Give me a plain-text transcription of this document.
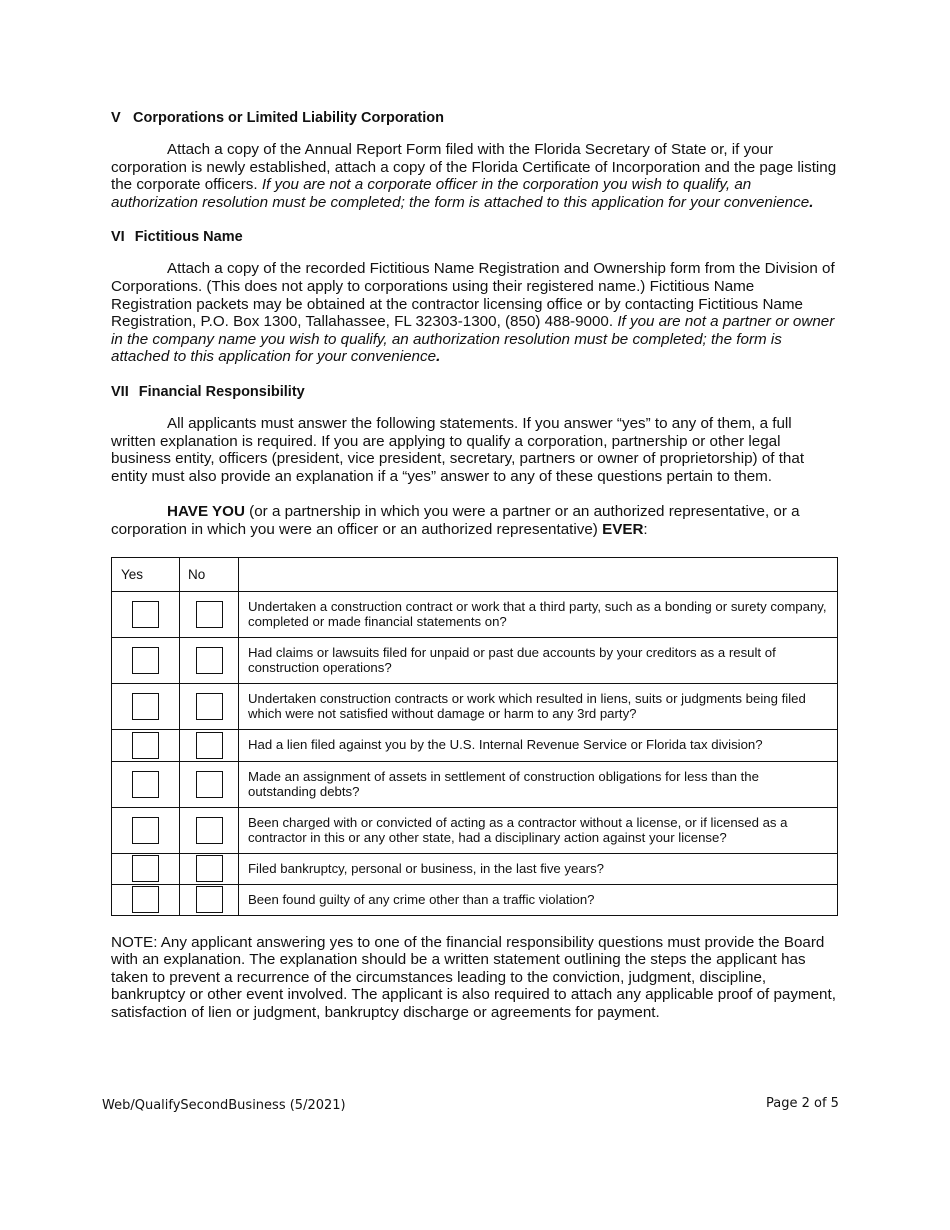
V Corporations or Limited Liability Corporation

Attach a copy of the Annual Report Form filed with the Florida Secretary of State or, if your corporation is newly established, attach a copy of the Florida Certificate of Incorporation and the page listing the corporate officers. If you are not a corporate officer in the corporation you wish to qualify, an authorization resolution must be completed; the form is attached to this application for your convenience.

VI Fictitious Name

Attach a copy of the recorded Fictitious Name Registration and Ownership form from the Division of Corporations. (This does not apply to corporations using their registered name.) Fictitious Name Registration packets may be obtained at the contractor licensing office or by contacting Fictitious Name Registration, P.O. Box 1300, Tallahassee, FL 32303-1300, (850) 488-9000. If you are not a partner or owner in the company name you wish to qualify, an authorization resolution must be completed; the form is attached to this application for your convenience.

VII Financial Responsibility

All applicants must answer the following statements. If you answer “yes” to any of them, a full written explanation is required. If you are applying to qualify a corporation, partnership or other legal business entity, officers (president, vice president, secretary, partners or owner of proprietorship) of that entity must also provide an explanation if a “yes” answer to any of these questions pertain to them.

HAVE YOU (or a partnership in which you were a partner or an authorized representative, or a corporation in which you were an officer or an authorized representative) EVER:

Yes	No	
		Undertaken a construction contract or work that a third party, such as a bonding or surety company, completed or made financial statements on?
		Had claims or lawsuits filed for unpaid or past due accounts by your creditors as a result of construction operations?
		Undertaken construction contracts or work which resulted in liens, suits or judgments being filed which were not satisfied without damage or harm to any 3rd party?
		Had a lien filed against you by the U.S. Internal Revenue Service or Florida tax division?
		Made an assignment of assets in settlement of construction obligations for less than the outstanding debts?
		Been charged with or convicted of acting as a contractor without a license, or if licensed as a contractor in this or any other state, had a disciplinary action against your license?
		Filed bankruptcy, personal or business, in the last five years?
		Been found guilty of any crime other than a traffic violation?
NOTE: Any applicant answering yes to one of the financial responsibility questions must provide the Board with an explanation. The explanation should be a written statement outlining the steps the applicant has taken to prevent a recurrence of the circumstances leading to the conviction, judgment, discipline, bankruptcy or other event involved. The applicant is also required to attach any applicable proof of payment, satisfaction of lien or judgment, bankruptcy discharge or agreements for payment.
Web/QualifySecondBusiness (5/2021)	Page 2 of 5
